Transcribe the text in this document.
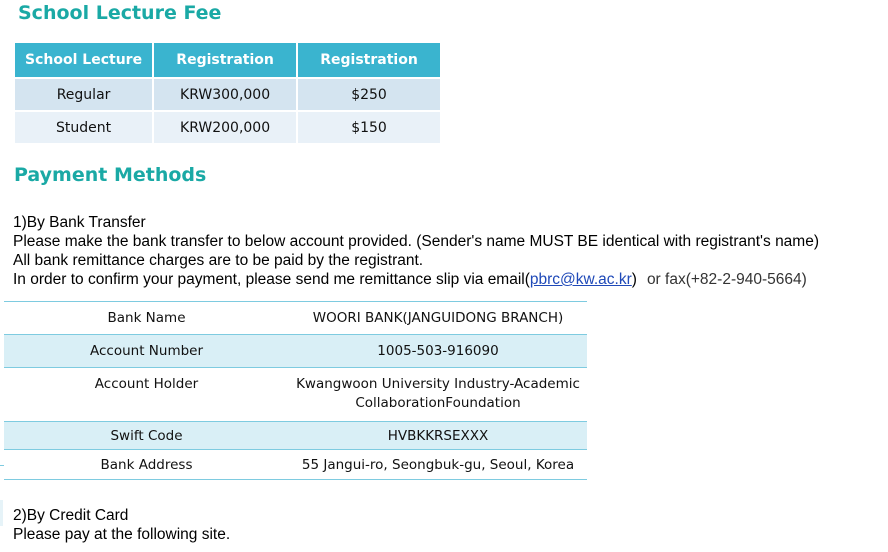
School Lecture Fee
School Lecture	Registration	Registration
Regular	KRW300,000	$250
Student	KRW200,000	$150
Payment Methods
1)By Bank Transfer
Please make the bank transfer to below account provided. (Sender's name MUST BE identical with registrant's name)
All bank remittance charges are to be paid by the registrant.
In order to confirm your payment, please send me remittance slip via email(pbrc@kw.ac.kr) or fax(+82-2-940-5664)
Bank Name	WOORI BANK(JANGUIDONG BRANCH)
Account Number	1005-503-916090
Account Holder	Kwangwoon University Industry-Academic
CollaborationFoundation

Swift Code	HVBKKRSEXXX
Bank Address	55 Jangui-ro, Seongbuk-gu, Seoul, Korea
2)By Credit Card
Please pay at the following site.
